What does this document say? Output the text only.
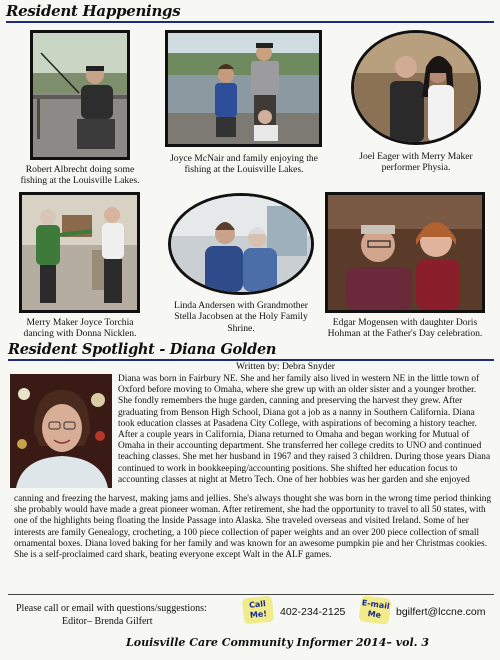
Resident Happenings
Robert Albrecht doing some fishing at the Louisville Lakes.
Joyce McNair and family enjoying the fishing at the Louisville Lakes.
Joel Eager with Merry Maker performer Physia.
Merry Maker Joyce Torchia dancing with Donna Nicklen.
Linda Andersen with Grandmother Stella Jacobsen at the Holy Family Shrine.
Edgar Mogensen with daughter Doris Hohman at the Father's Day celebration.
Resident Spotlight - Diana Golden
Written by: Debra Snyder
Diana was born in Fairbury NE. She and her family also lived in western NE in the little town of Oxford before moving to Omaha, where she grew up with an older sister and a younger brother. She fondly remembers the huge garden, canning and preserving the harvest they grew. After graduating from Benson High School, Diana got a job as a nanny in Southern California. Diana took education classes at Pasadena City College, with aspirations of becoming a history teacher. After a couple years in California, Diana returned to Omaha and began working for Mutual of Omaha in their accounting department. She transferred her college credits to UNO and continued teaching classes. She met her husband in 1967 and they raised 3 children. During those years Diana continued to work in bookkeeping/accounting positions. She shifted her education focus to accounting classes at night at Metro Tech. One of her hobbies was her garden and she enjoyed
canning and freezing the harvest, making jams and jellies. She's always thought she was born in the wrong time period thinking she probably would have made a great pioneer woman. After retirement, she had the opportunity to travel to all 50 states, with one of the highlights being floating the Inside Passage into Alaska. She traveled overseas and visited Ireland. Some of her interests are family Genealogy, crocheting, a 100 piece collection of paper weights and an over 200 piece collection of small ornamental boxes. Diana loved baking for her family and was known for an awesome pumpkin pie and her Christmas cookies. She is a self-proclaimed card shark, beating everyone except Walt in the ALF games.
Please call or email with questions/suggestions:
Editor– Brenda Gilfert
Call Me!	402-234-2125
E-mail Me	bgilfert@lccne.com
Louisville Care Community Informer 2014– vol. 3
